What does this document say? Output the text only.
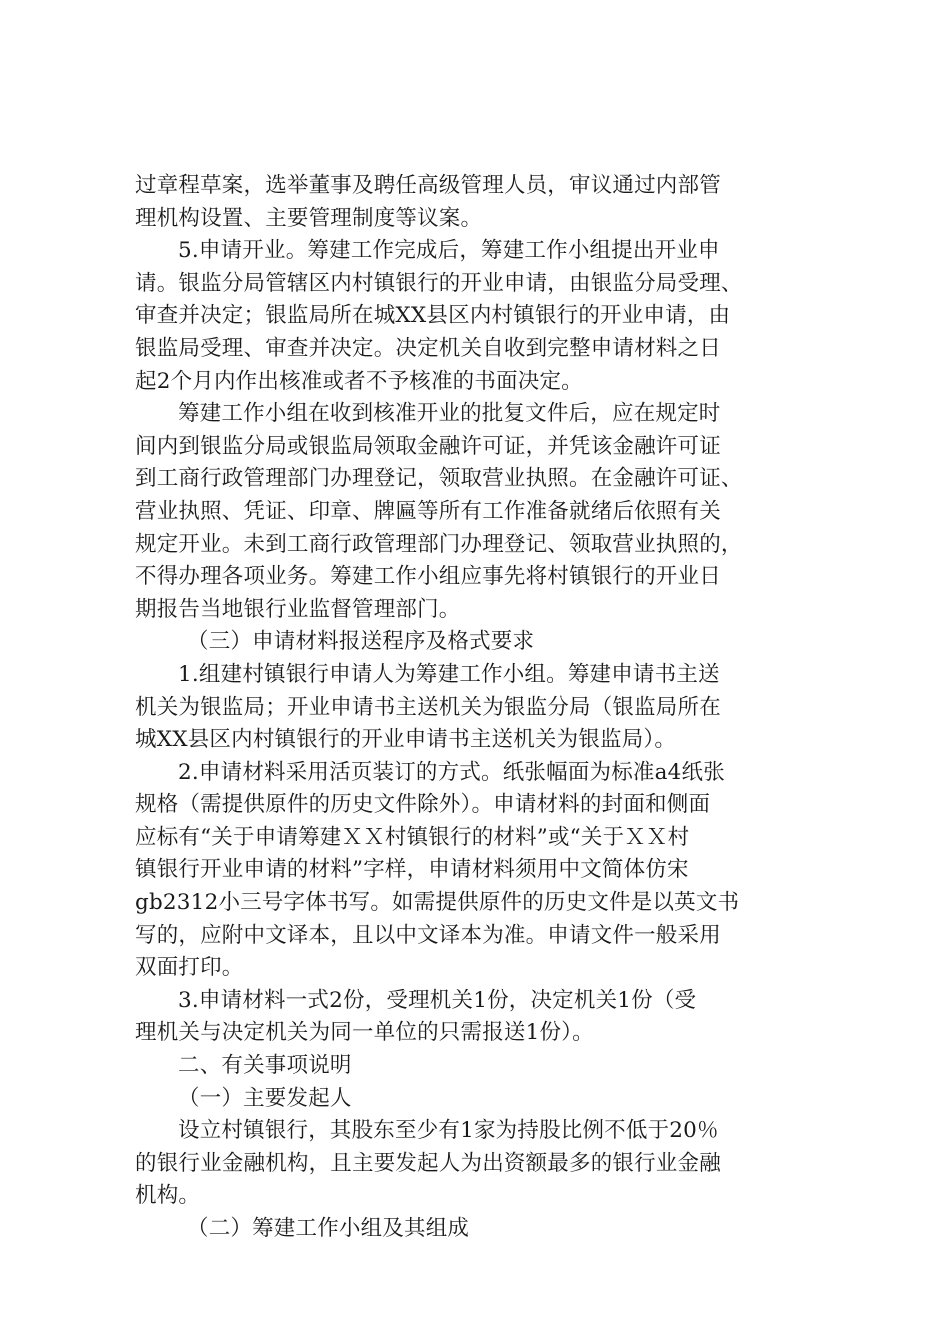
过章程草案，选举董事及聘任高级管理人员，审议通过内部管
理机构设置、主要管理制度等议案。
5.申请开业。筹建工作完成后，筹建工作小组提出开业申
请。银监分局管辖区内村镇银行的开业申请，由银监分局受理、
审查并决定；银监局所在城XX县区内村镇银行的开业申请，由
银监局受理、审查并决定。决定机关自收到完整申请材料之日
起2个月内作出核准或者不予核准的书面决定。
筹建工作小组在收到核准开业的批复文件后，应在规定时
间内到银监分局或银监局领取金融许可证，并凭该金融许可证
到工商行政管理部门办理登记，领取营业执照。在金融许可证、
营业执照、凭证、印章、牌匾等所有工作准备就绪后依照有关
规定开业。未到工商行政管理部门办理登记、领取营业执照的，
不得办理各项业务。筹建工作小组应事先将村镇银行的开业日
期报告当地银行业监督管理部门。
（三）申请材料报送程序及格式要求
1.组建村镇银行申请人为筹建工作小组。筹建申请书主送
机关为银监局；开业申请书主送机关为银监分局（银监局所在
城XX县区内村镇银行的开业申请书主送机关为银监局）。
2.申请材料采用活页装订的方式。纸张幅面为标准a4纸张
规格（需提供原件的历史文件除外）。申请材料的封面和侧面
应标有“关于申请筹建ＸＸ村镇银行的材料”或“关于ＸＸ村
镇银行开业申请的材料”字样，申请材料须用中文简体仿宋
gb2312小三号字体书写。如需提供原件的历史文件是以英文书
写的，应附中文译本，且以中文译本为准。申请文件一般采用
双面打印。
3.申请材料一式2份，受理机关1份，决定机关1份（受
理机关与决定机关为同一单位的只需报送1份）。
二、有关事项说明
（一）主要发起人
设立村镇银行，其股东至少有1家为持股比例不低于20％
的银行业金融机构，且主要发起人为出资额最多的银行业金融
机构。
（二）筹建工作小组及其组成
